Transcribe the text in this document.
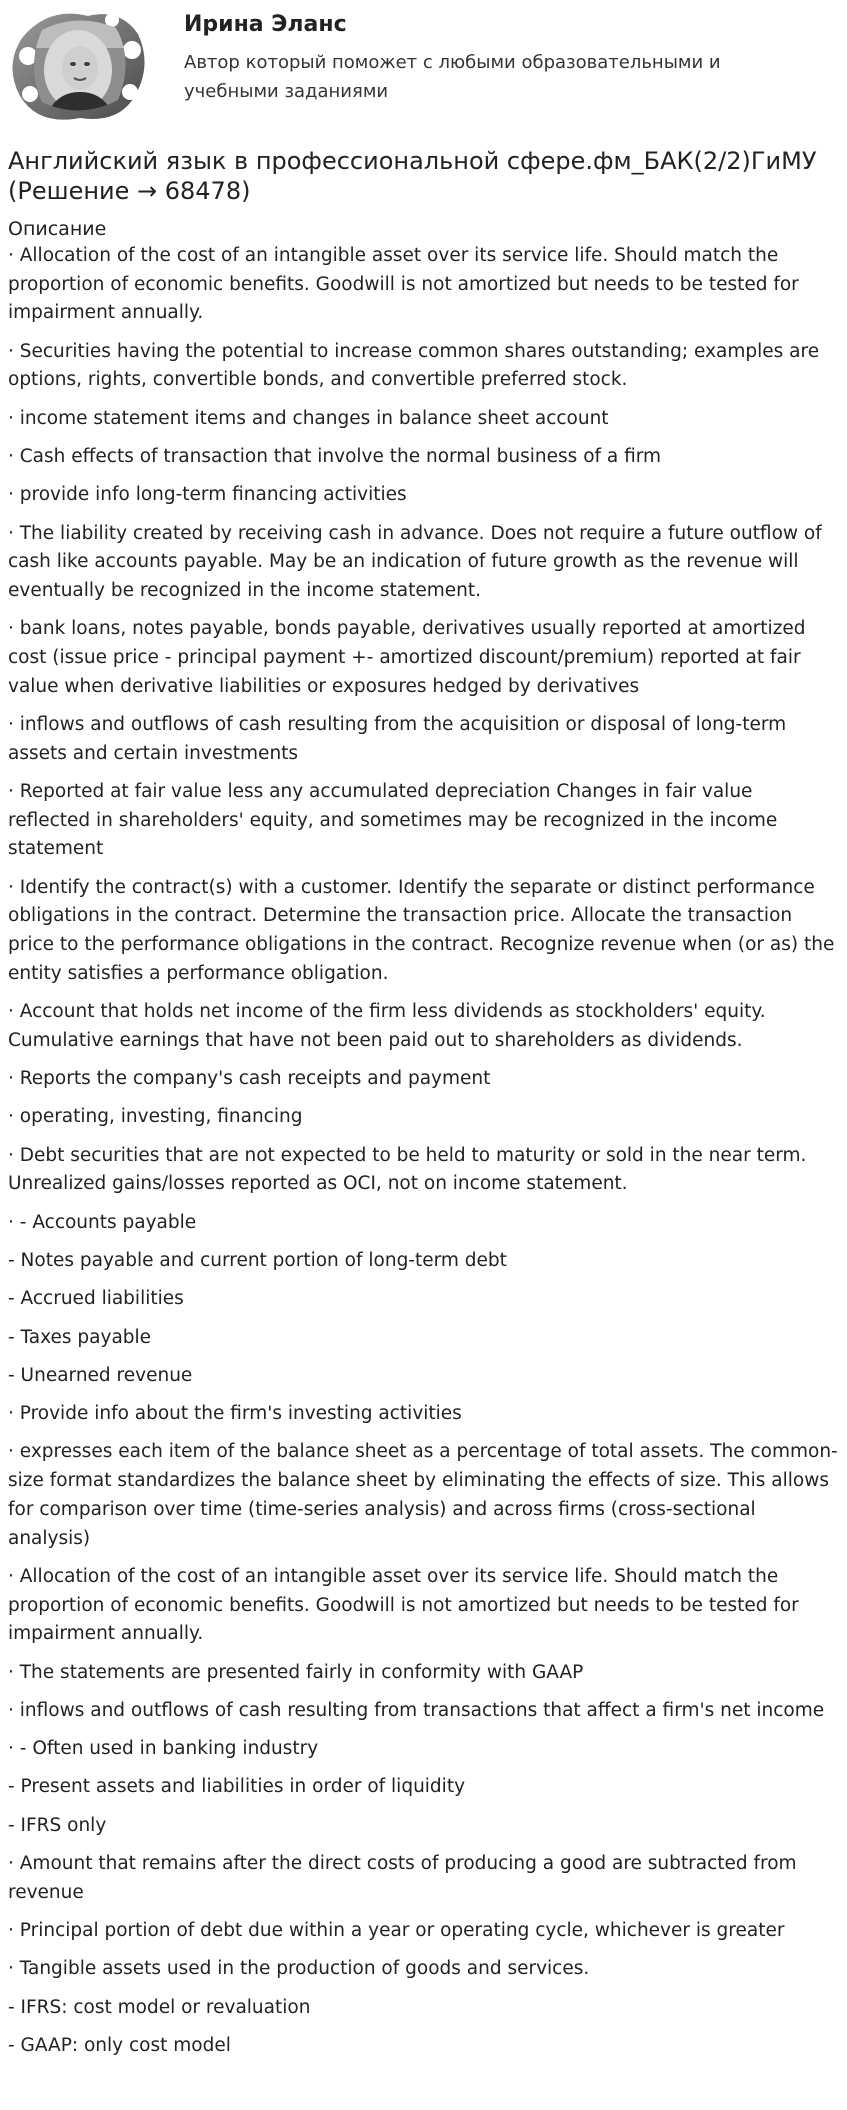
Ирина Эланс
Автор который поможет с любыми образовательными и учебными заданиями
Английский язык в профессиональной сфере.фм_БАК(2/2)ГиМУ (Решение → 68478)
Описание
· Allocation of the cost of an intangible asset over its service life. Should match the proportion of economic benefits. Goodwill is not amortized but needs to be tested for impairment annually.
· Securities having the potential to increase common shares outstanding; examples are options, rights, convertible bonds, and convertible preferred stock.
· income statement items and changes in balance sheet account
· Cash effects of transaction that involve the normal business of a firm
· provide info long-term financing activities
· The liability created by receiving cash in advance. Does not require a future outflow of cash like accounts payable. May be an indication of future growth as the revenue will eventually be recognized in the income statement.
· bank loans, notes payable, bonds payable, derivatives usually reported at amortized cost (issue price - principal payment +- amortized discount/premium) reported at fair value when derivative liabilities or exposures hedged by derivatives
· inflows and outflows of cash resulting from the acquisition or disposal of long-term assets and certain investments
· Reported at fair value less any accumulated depreciation Changes in fair value reflected in shareholders' equity, and sometimes may be recognized in the income statement
· Identify the contract(s) with a customer. Identify the separate or distinct performance obligations in the contract. Determine the transaction price. Allocate the transaction price to the performance obligations in the contract. Recognize revenue when (or as) the entity satisfies a performance obligation.
· Account that holds net income of the firm less dividends as stockholders' equity. Cumulative earnings that have not been paid out to shareholders as dividends.
· Reports the company's cash receipts and payment
· operating, investing, financing
· Debt securities that are not expected to be held to maturity or sold in the near term. Unrealized gains/losses reported as OCI, not on income statement.
· - Accounts payable
- Notes payable and current portion of long-term debt
- Accrued liabilities
- Taxes payable
- Unearned revenue
· Provide info about the firm's investing activities
· expresses each item of the balance sheet as a percentage of total assets. The common-size format standardizes the balance sheet by eliminating the effects of size. This allows for comparison over time (time-series analysis) and across firms (cross-sectional analysis)
· Allocation of the cost of an intangible asset over its service life. Should match the proportion of economic benefits. Goodwill is not amortized but needs to be tested for impairment annually.
· The statements are presented fairly in conformity with GAAP
· inflows and outflows of cash resulting from transactions that affect a firm's net income
· - Often used in banking industry
- Present assets and liabilities in order of liquidity
- IFRS only
· Amount that remains after the direct costs of producing a good are subtracted from revenue
· Principal portion of debt due within a year or operating cycle, whichever is greater
· Tangible assets used in the production of goods and services.
- IFRS: cost model or revaluation
- GAAP: only cost model
